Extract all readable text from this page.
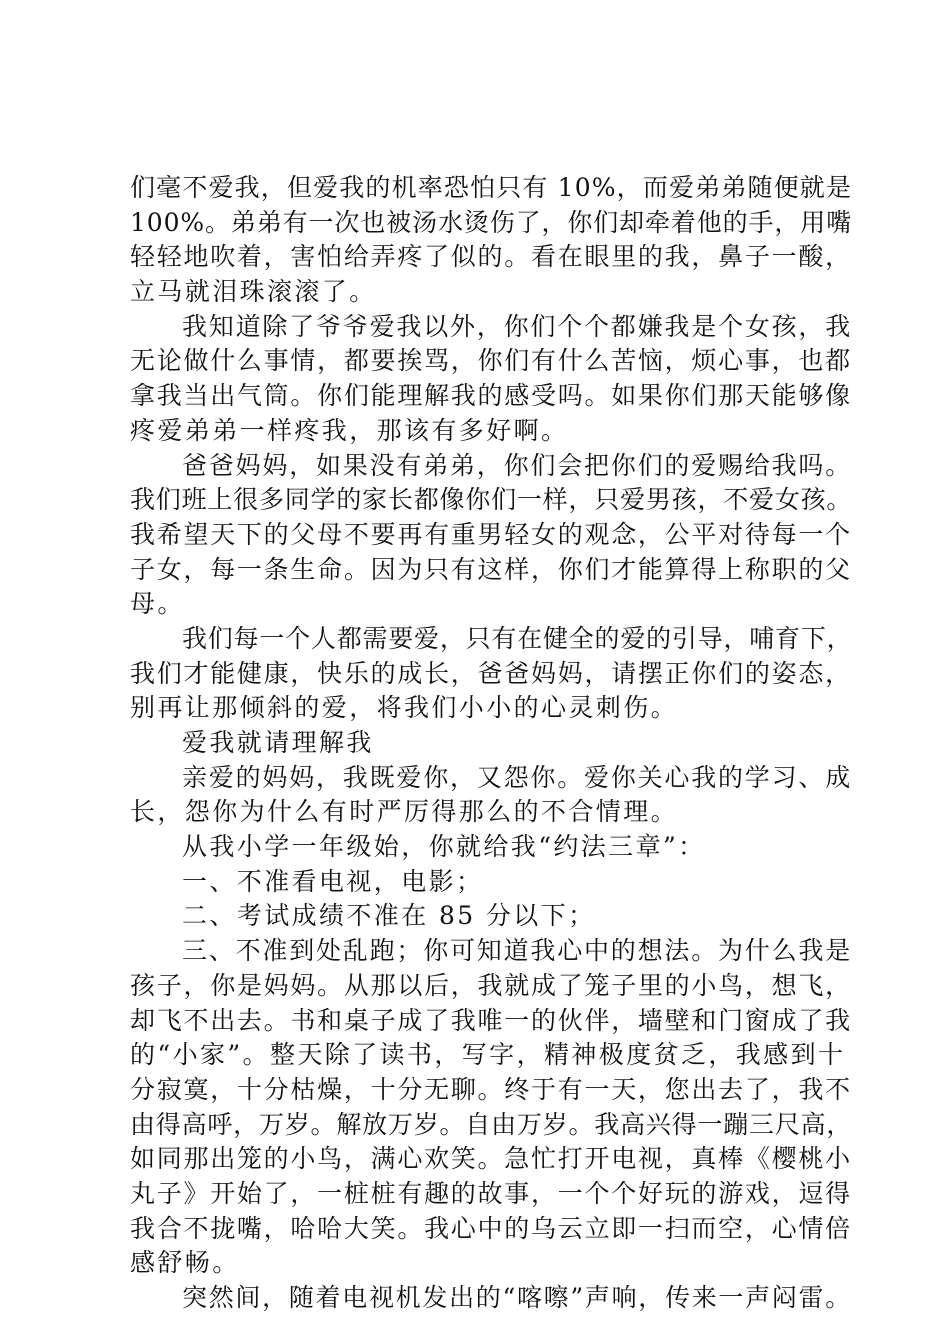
们毫不爱我，但爱我的机率恐怕只有 10%，而爱弟弟随便就是
100%。弟弟有一次也被汤水烫伤了，你们却牵着他的手，用嘴
轻轻地吹着，害怕给弄疼了似的。看在眼里的我，鼻子一酸，
立马就泪珠滚滚了。
我知道除了爷爷爱我以外，你们个个都嫌我是个女孩，我
无论做什么事情，都要挨骂，你们有什么苦恼，烦心事，也都
拿我当出气筒。你们能理解我的感受吗。如果你们那天能够像
疼爱弟弟一样疼我，那该有多好啊。
爸爸妈妈，如果没有弟弟，你们会把你们的爱赐给我吗。
我们班上很多同学的家长都像你们一样，只爱男孩，不爱女孩。
我希望天下的父母不要再有重男轻女的观念，公平对待每一个
子女，每一条生命。因为只有这样，你们才能算得上称职的父
母。
我们每一个人都需要爱，只有在健全的爱的引导，哺育下，
我们才能健康，快乐的成长，爸爸妈妈，请摆正你们的姿态，
别再让那倾斜的爱，将我们小小的心灵刺伤。
爱我就请理解我
亲爱的妈妈，我既爱你，又怨你。爱你关心我的学习、成
长，怨你为什么有时严厉得那么的不合情理。
从我小学一年级始，你就给我“约法三章”：
一、不准看电视，电影；
二、考试成绩不准在 85 分以下；
三、不准到处乱跑；你可知道我心中的想法。为什么我是
孩子，你是妈妈。从那以后，我就成了笼子里的小鸟，想飞，
却飞不出去。书和桌子成了我唯一的伙伴，墙壁和门窗成了我
的“小家”。整天除了读书，写字，精神极度贫乏，我感到十
分寂寞，十分枯燥，十分无聊。终于有一天，您出去了，我不
由得高呼，万岁。解放万岁。自由万岁。我高兴得一蹦三尺高，
如同那出笼的小鸟，满心欢笑。急忙打开电视，真棒《樱桃小
丸子》开始了，一桩桩有趣的故事，一个个好玩的游戏，逗得
我合不拢嘴，哈哈大笑。我心中的乌云立即一扫而空，心情倍
感舒畅。
突然间，随着电视机发出的“喀嚓”声响，传来一声闷雷。
